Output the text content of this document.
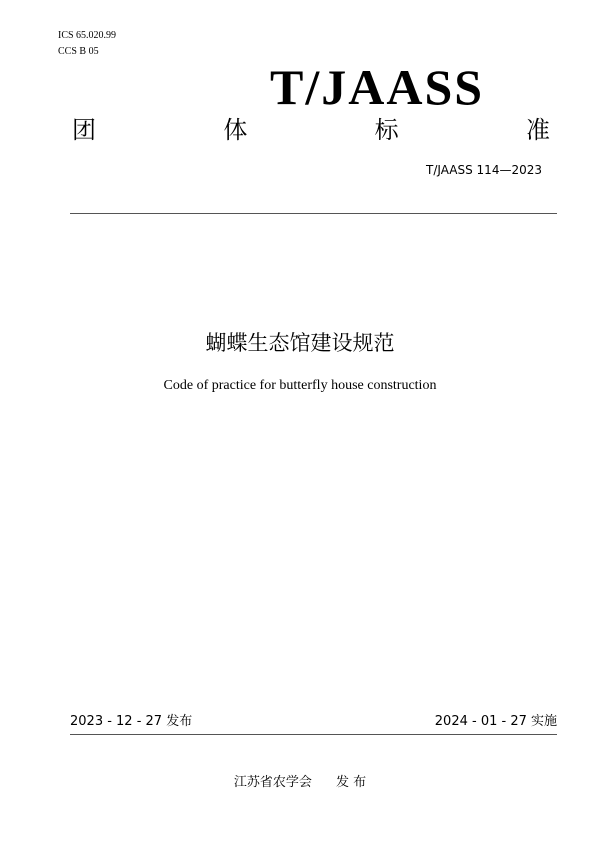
ICS 65.020.99
CCS B 05
T/JAASS
团	体	标	准
T/JAASS 114—2023
蝴蝶生态馆建设规范
Code of practice for butterfly house construction
2023 - 12 - 27 发布	2024 - 01 - 27 实施
江苏省农学会 发 布
